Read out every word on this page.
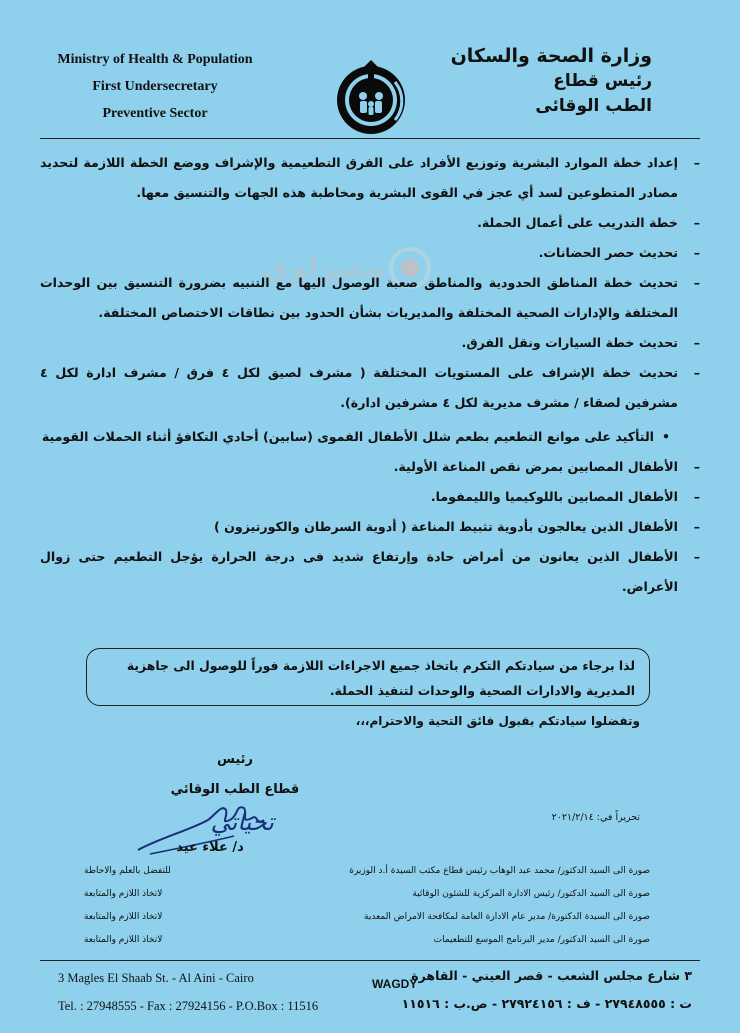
Ministry of Health & Population
First Undersecretary
Preventive Sector
وزارة الصحة والسكان
رئيس قطاع
الطب الوقائى
مصراوي
–
إعداد خطة الموارد البشرية وتوزيع الأفراد على الفرق التطعيمية والإشراف ووضع الخطة اللازمة لتحديد مصادر المتطوعين لسد أي عجز في القوى البشرية ومخاطبة هذه الجهات والتنسيق معها.
–
خطة التدريب على أعمال الحملة.
–
تحديث حصر الحضانات.
–
تحديث خطة المناطق الحدودية والمناطق صعبة الوصول اليها مع التنبيه بضرورة التنسيق بين الوحدات المختلفة والإدارات الصحية المختلفة والمديريات بشأن الحدود بين نطاقات الاختصاص المختلفة.
–
تحديث خطة السيارات ونقل الفرق.
–
تحديث خطة الإشراف على المستويات المختلفة ( مشرف لصيق لكل ٤ فرق / مشرف ادارة لكل ٤ مشرفين لصقاء / مشرف مديرية لكل ٤ مشرفين ادارة).
•
التأكيد على موانع التطعيم بطعم شلل الأطفال الفموى (سابين) أحادي التكافؤ أثناء الحملات القومية
–
الأطفال المصابين بمرض نقص المناعة الأولية.
–
الأطفال المصابين باللوكيميا والليمفوما.
–
الأطفال الذين يعالجون بأدوية تثبيط المناعة ( أدوية السرطان والكورتيزون )
–
الأطفال الذين يعانون من أمراض حادة وإرتفاع شديد فى درجة الحرارة يؤجل التطعيم حتى زوال الأعراض.
لذا برجاء من سيادتكم التكرم باتخاذ جميع الاجراءات اللازمة فوراً للوصول الى جاهزية المديرية والادارات الصحية والوحدات لتنفيذ الحملة.
وتفضلوا سيادتكم بقبول فائق التحية والاحترام،،،
رئيس
قطاع الطب الوقائي
تحياتي
د/ علاء عيد
تحريراً في: ٢٠٢١/٢/١٤
صورة الى السيد الدكتور/ محمد عبد الوهاب رئيس قطاع مكتب السيدة أ.د الوزيرة
للتفضل بالعلم والاحاطة
صورة الى السيد الدكتور/ رئيس الادارة المركزية للشئون الوقائية
لاتخاذ اللازم والمتابعة
صورة الى السيدة الدكتورة/ مدير عام الادارة العامة لمكافحة الامراض المعدية
لاتخاذ اللازم والمتابعة
صورة الى السيد الدكتور/ مدير البرنامج الموسع للتطعيمات
لاتخاذ اللازم والمتابعة
3 Magles El Shaab St. - Al Aini - Cairo
Tel. : 27948555 - Fax : 27924156 - P.O.Box : 11516
WAGDY
٣ شارع مجلس الشعب - قصر العيني - القاهرة
ت : ٢٧٩٤٨٥٥٥ - ف : ٢٧٩٢٤١٥٦ - ص.ب : ١١٥١٦
